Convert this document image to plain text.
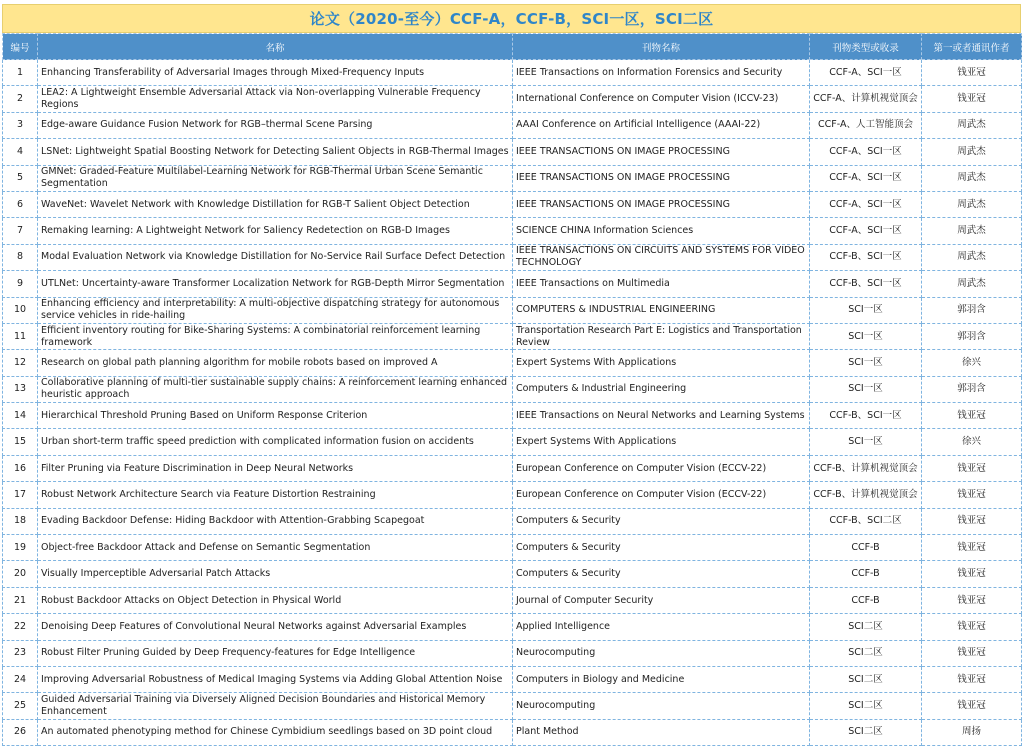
论文（2020-至今）CCF-A，CCF-B，SCI一区，SCI二区
编号	名称	刊物名称	刊物类型或收录	第一或者通讯作者
1	Enhancing Transferability of Adversarial Images through Mixed-Frequency Inputs	IEEE Transactions on Information Forensics and Security	CCF-A、SCI一区	钱亚冠
2	LEA2: A Lightweight Ensemble Adversarial Attack via Non-overlapping Vulnerable Frequency Regions	International Conference on Computer Vision (ICCV-23)	CCF-A、计算机视觉顶会	钱亚冠
3	Edge-aware Guidance Fusion Network for RGB–thermal Scene Parsing	AAAI Conference on Artificial Intelligence (AAAI-22)	CCF-A、人工智能顶会	周武杰
4	LSNet: Lightweight Spatial Boosting Network for Detecting Salient Objects in RGB-Thermal Images	IEEE TRANSACTIONS ON IMAGE PROCESSING	CCF-A、SCI一区	周武杰
5	GMNet: Graded-Feature Multilabel-Learning Network for RGB-Thermal Urban Scene Semantic Segmentation	IEEE TRANSACTIONS ON IMAGE PROCESSING	CCF-A、SCI一区	周武杰
6	WaveNet: Wavelet Network with Knowledge Distillation for RGB-T Salient Object Detection	IEEE TRANSACTIONS ON IMAGE PROCESSING	CCF-A、SCI一区	周武杰
7	Remaking learning: A Lightweight Network for Saliency Redetection on RGB-D Images	SCIENCE CHINA Information Sciences	CCF-A、SCI一区	周武杰
8	Modal Evaluation Network via Knowledge Distillation for No-Service Rail Surface Defect Detection	IEEE TRANSACTIONS ON CIRCUITS AND SYSTEMS FOR VIDEO TECHNOLOGY	CCF-B、SCI一区	周武杰
9	UTLNet: Uncertainty-aware Transformer Localization Network for RGB-Depth Mirror Segmentation	IEEE Transactions on Multimedia	CCF-B、SCI一区	周武杰
10	Enhancing efficiency and interpretability: A multi-objective dispatching strategy for autonomous service vehicles in ride-hailing	COMPUTERS & INDUSTRIAL ENGINEERING	SCI一区	郭羽含
11	Efficient inventory routing for Bike-Sharing Systems: A combinatorial reinforcement learning framework	Transportation Research Part E: Logistics and Transportation Review	SCI一区	郭羽含
12	Research on global path planning algorithm for mobile robots based on improved A	Expert Systems With Applications	SCI一区	徐兴
13	Collaborative planning of multi-tier sustainable supply chains: A reinforcement learning enhanced heuristic approach	Computers & Industrial Engineering	SCI一区	郭羽含
14	Hierarchical Threshold Pruning Based on Uniform Response Criterion	IEEE Transactions on Neural Networks and Learning Systems	CCF-B、SCI一区	钱亚冠
15	Urban short-term traffic speed prediction with complicated information fusion on accidents	Expert Systems With Applications	SCI一区	徐兴
16	Filter Pruning via Feature Discrimination in Deep Neural Networks	European Conference on Computer Vision (ECCV-22)	CCF-B、计算机视觉顶会	钱亚冠
17	Robust Network Architecture Search via Feature Distortion Restraining	European Conference on Computer Vision (ECCV-22)	CCF-B、计算机视觉顶会	钱亚冠
18	Evading Backdoor Defense: Hiding Backdoor with Attention-Grabbing Scapegoat	Computers & Security	CCF-B、SCI二区	钱亚冠
19	Object-free Backdoor Attack and Defense on Semantic Segmentation	Computers & Security	CCF-B	钱亚冠
20	Visually Imperceptible Adversarial Patch Attacks	Computers & Security	CCF-B	钱亚冠
21	Robust Backdoor Attacks on Object Detection in Physical World	Journal of Computer Security	CCF-B	钱亚冠
22	Denoising Deep Features of Convolutional Neural Networks against Adversarial Examples	Applied Intelligence	SCI二区	钱亚冠
23	Robust Filter Pruning Guided by Deep Frequency-features for Edge Intelligence	Neurocomputing	SCI二区	钱亚冠
24	Improving Adversarial Robustness of Medical Imaging Systems via Adding Global Attention Noise	Computers in Biology and Medicine	SCI二区	钱亚冠
25	Guided Adversarial Training via Diversely Aligned Decision Boundaries and Historical Memory Enhancement	Neurocomputing	SCI二区	钱亚冠
26	An automated phenotyping method for Chinese Cymbidium seedlings based on 3D point cloud	Plant Method	SCI二区	周扬
